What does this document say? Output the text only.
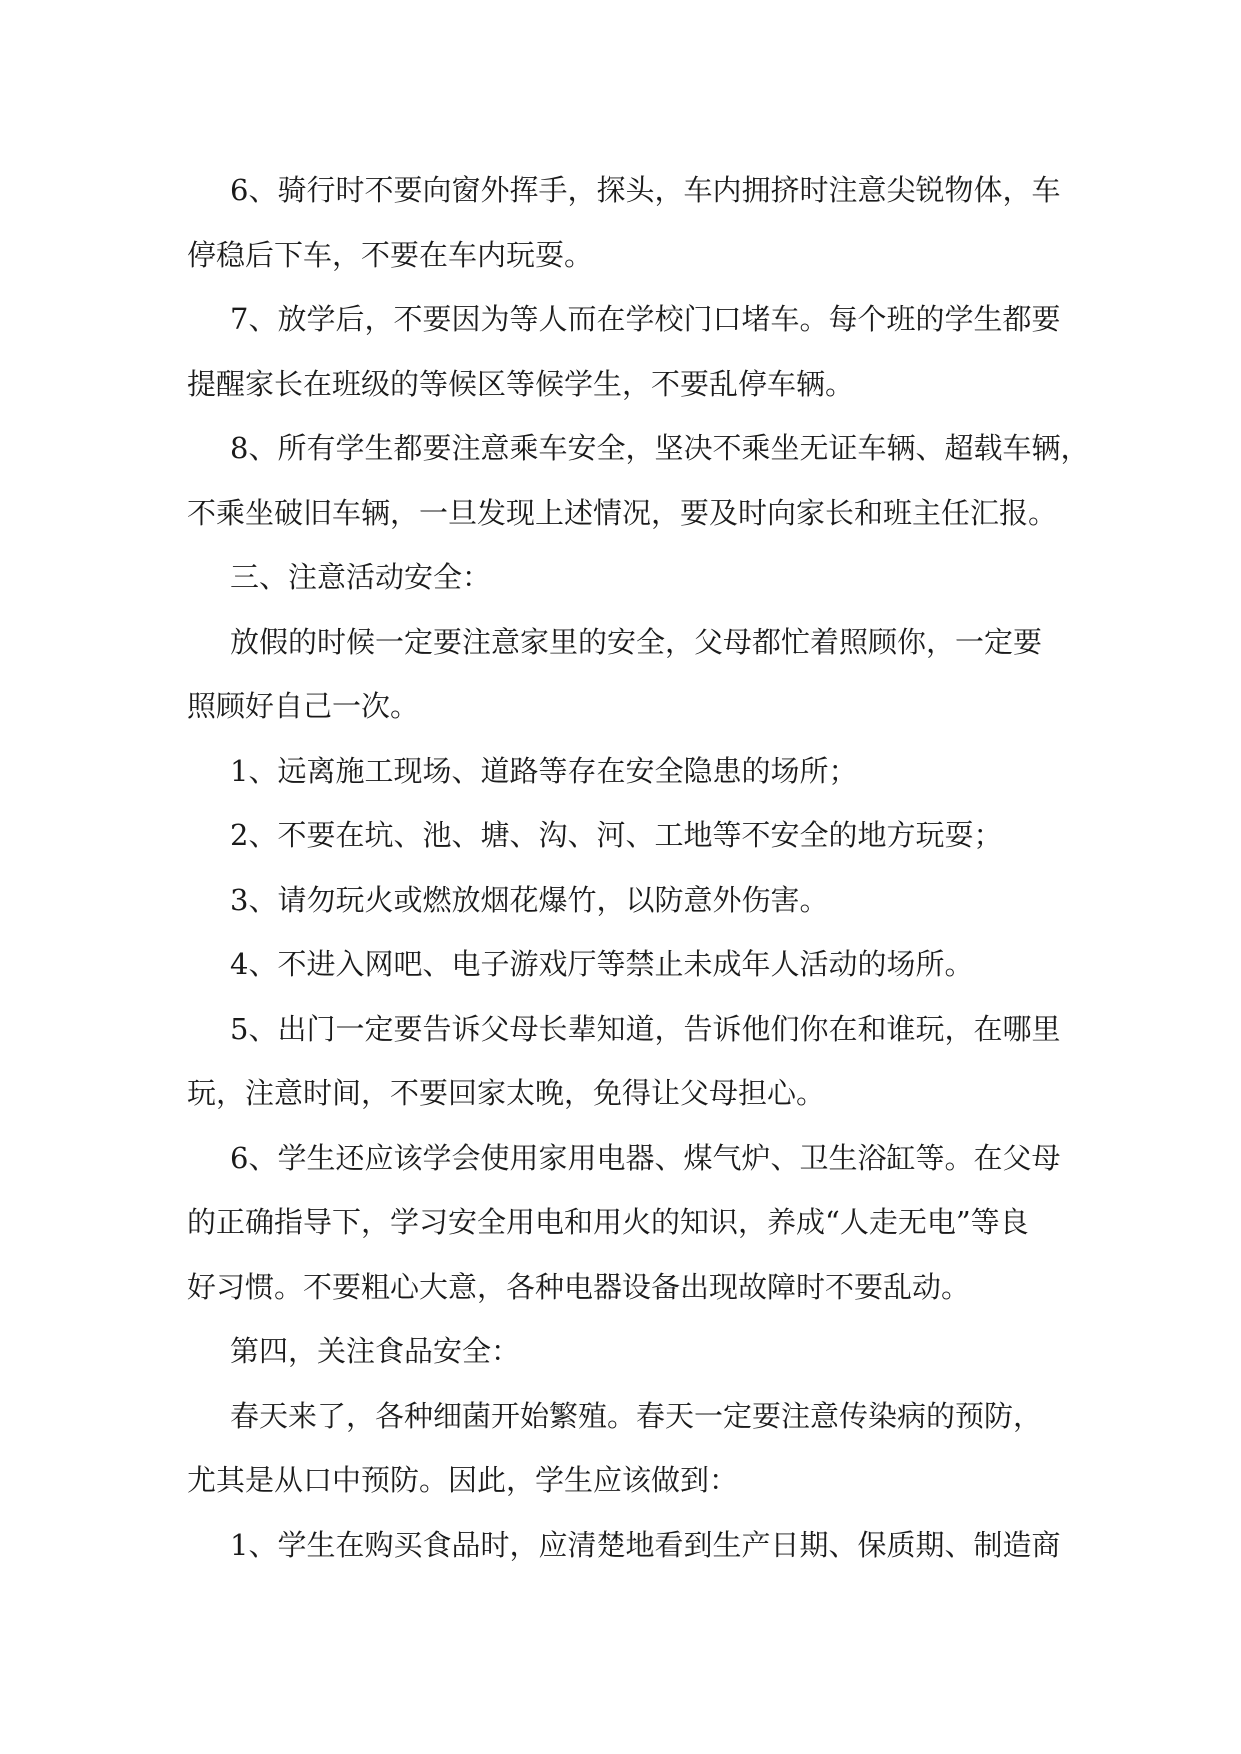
6、骑行时不要向窗外挥手，探头，车内拥挤时注意尖锐物体，车
停稳后下车，不要在车内玩耍。
7、放学后，不要因为等人而在学校门口堵车。每个班的学生都要
提醒家长在班级的等候区等候学生，不要乱停车辆。
8、所有学生都要注意乘车安全，坚决不乘坐无证车辆、超载车辆，
不乘坐破旧车辆，一旦发现上述情况，要及时向家长和班主任汇报。
三、注意活动安全：
放假的时候一定要注意家里的安全，父母都忙着照顾你，一定要
照顾好自己一次。
1、远离施工现场、道路等存在安全隐患的场所；
2、不要在坑、池、塘、沟、河、工地等不安全的地方玩耍；
3、请勿玩火或燃放烟花爆竹，以防意外伤害。
4、不进入网吧、电子游戏厅等禁止未成年人活动的场所。
5、出门一定要告诉父母长辈知道，告诉他们你在和谁玩，在哪里
玩，注意时间，不要回家太晚，免得让父母担心。
6、学生还应该学会使用家用电器、煤气炉、卫生浴缸等。在父母
的正确指导下，学习安全用电和用火的知识，养成“人走无电”等良
好习惯。不要粗心大意，各种电器设备出现故障时不要乱动。
第四，关注食品安全：
春天来了，各种细菌开始繁殖。春天一定要注意传染病的预防，
尤其是从口中预防。因此，学生应该做到：
1、学生在购买食品时，应清楚地看到生产日期、保质期、制造商
